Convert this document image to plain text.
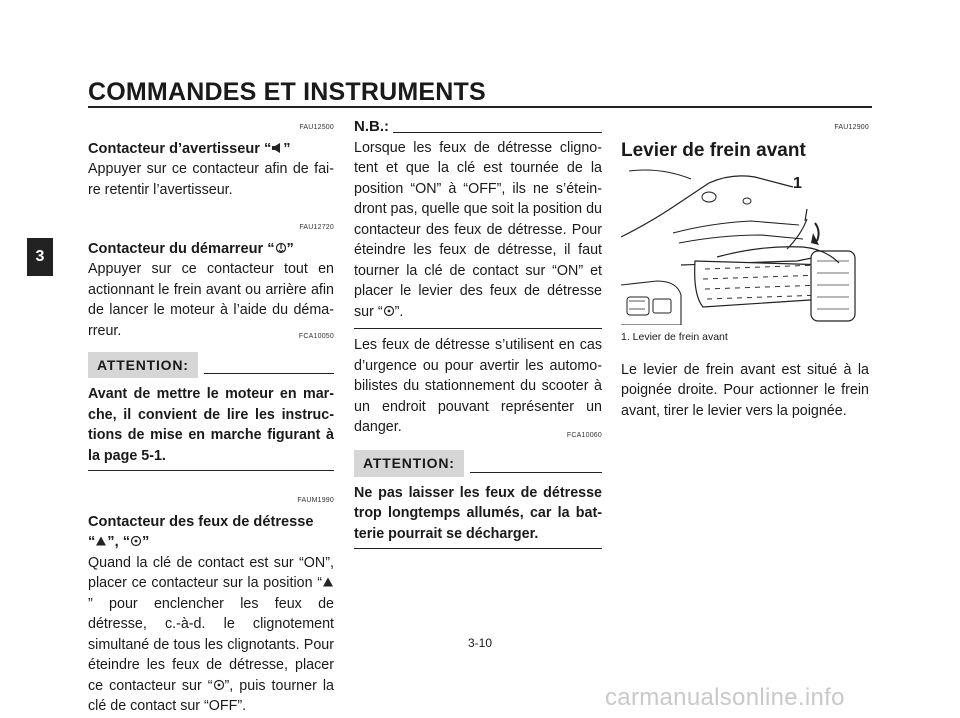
COMMANDES ET INSTRUMENTS
3
FAU12500
Contacteur d’avertisseur “ ”
Appuyer sur ce contacteur afin de fai-re retentir l’avertisseur.
FAU12720
Contacteur du démarreur “ ”
Appuyer sur ce contacteur tout en actionnant le frein avant ou arrière afin de lancer le moteur à l’aide du déma-rreur.	FCA10050
ATTENTION:
Avant de mettre le moteur en mar-che, il convient de lire les instruc-tions de mise en marche figurant à la page 5-1.
FAUM1990
Contacteur des feux de détresse
“ ”, “ ”
Quand la clé de contact est sur “ON”, placer ce contacteur sur la position “” pour enclencher les feux de détresse, c.-à-d. le clignotement simultané de tous les clignotants. Pour éteindre les feux de détresse, placer ce contacteur sur “ ”, puis tourner la clé de contact sur “OFF”.
N.B.:
Lorsque les feux de détresse cligno-tent et que la clé est tournée de la position “ON” à “OFF”, ils ne s’étein-dront pas, quelle que soit la position du contacteur des feux de détresse. Pour éteindre les feux de détresse, il faut tourner la clé de contact sur “ON” et placer le levier des feux de détresse sur “ ”.
Les feux de détresse s’utilisent en cas d’urgence ou pour avertir les automo-bilistes du stationnement du scooter à un endroit pouvant représenter un danger.	FCA10060
ATTENTION:
Ne pas laisser les feux de détresse trop longtemps allumés, car la bat-terie pourrait se décharger.
FAU12900
Levier de frein avant
1
1. Levier de frein avant
Le levier de frein avant est situé à la poignée droite. Pour actionner le frein avant, tirer le levier vers la poignée.
3-10
carmanualsonline.info
